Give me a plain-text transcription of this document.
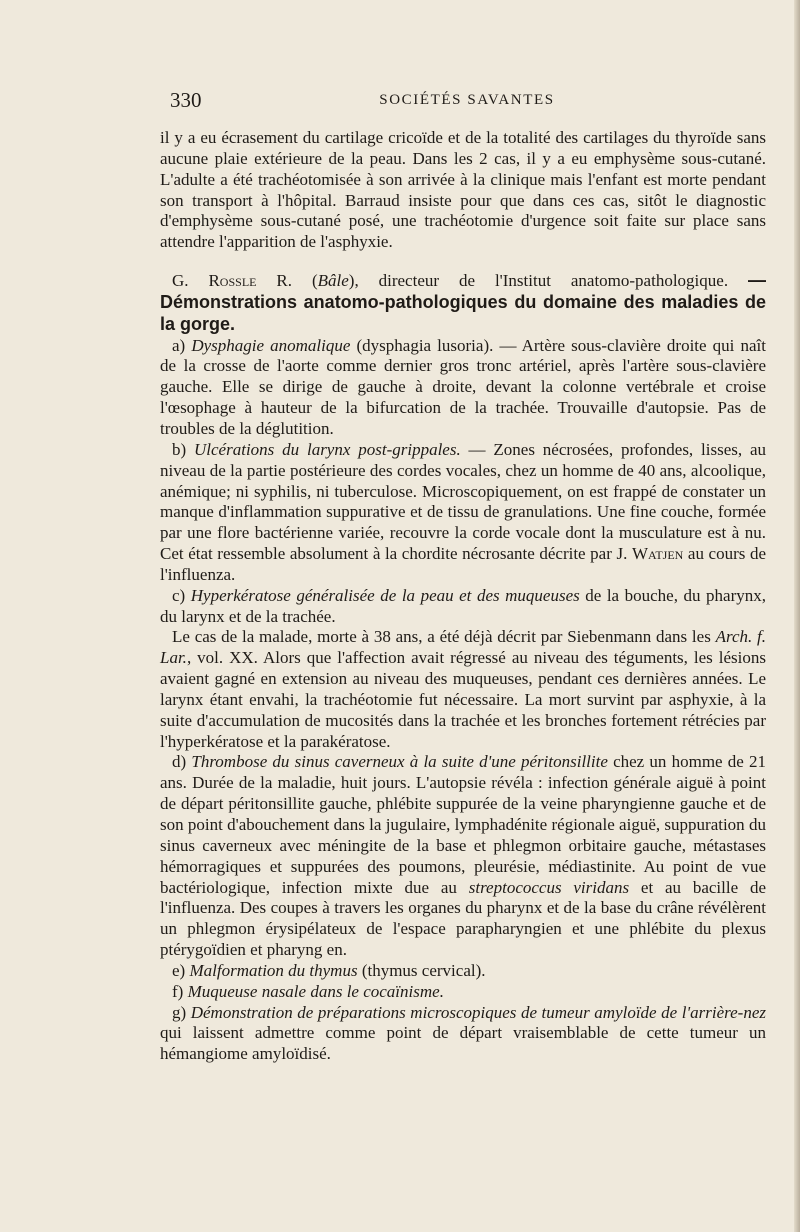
330	SOCIÉTÉS SAVANTES

il y a eu écrasement du cartilage cricoïde et de la totalité des cartilages du thyroïde sans aucune plaie extérieure de la peau. Dans les 2 cas, il y a eu emphysème sous-cutané. L'adulte a été trachéotomisée à son arrivée à la clinique mais l'enfant est morte pendant son transport à l'hôpital. Barraud insiste pour que dans ces cas, sitôt le diagnostic d'emphysème sous-cutané posé, une trachéotomie d'urgence soit faite sur place sans attendre l'apparition de l'asphyxie.

G. Rossle R. (Bâle), directeur de l'Institut anatomo-pathologique. — Démonstrations anatomo-pathologiques du domaine des maladies de la gorge.

a) Dysphagie anomalique (dysphagia lusoria). — Artère sous-clavière droite qui naît de la crosse de l'aorte comme dernier gros tronc artériel, après l'artère sous-clavière gauche. Elle se dirige de gauche à droite, devant la colonne vertébrale et croise l'œsophage à hauteur de la bifurcation de la trachée. Trouvaille d'autopsie. Pas de troubles de la déglutition.

b) Ulcérations du larynx post-grippales. — Zones nécrosées, profondes, lisses, au niveau de la partie postérieure des cordes vocales, chez un homme de 40 ans, alcoolique, anémique; ni syphilis, ni tuberculose. Microscopiquement, on est frappé de constater un manque d'inflammation suppurative et de tissu de granulations. Une fine couche, formée par une flore bactérienne variée, recouvre la corde vocale dont la musculature est à nu. Cet état ressemble absolument à la chordite nécrosante décrite par J. Watjen au cours de l'influenza.

c) Hyperkératose généralisée de la peau et des muqueuses de la bouche, du pharynx, du larynx et de la trachée.

Le cas de la malade, morte à 38 ans, a été déjà décrit par Siebenmann dans les Arch. f. Lar., vol. XX. Alors que l'affection avait régressé au niveau des téguments, les lésions avaient gagné en extension au niveau des muqueuses, pendant ces dernières années. Le larynx étant envahi, la trachéotomie fut nécessaire. La mort survint par asphyxie, à la suite d'accumulation de mucosités dans la trachée et les bronches fortement rétrécies par l'hyperkératose et la parakératose.

d) Thrombose du sinus caverneux à la suite d'une péritonsillite chez un homme de 21 ans. Durée de la maladie, huit jours. L'autopsie révéla : infection générale aiguë à point de départ péritonsillite gauche, phlébite suppurée de la veine pharyngienne gauche et de son point d'abouchement dans la jugulaire, lymphadénite régionale aiguë, suppuration du sinus caverneux avec méningite de la base et phlegmon orbitaire gauche, métastases hémorragiques et suppurées des poumons, pleurésie, médiastinite. Au point de vue bactériologique, infection mixte due au streptococcus viridans et au bacille de l'influenza. Des coupes à travers les organes du pharynx et de la base du crâne révélèrent un phlegmon érysipélateux de l'espace parapharyngien et une phlébite du plexus ptérygoïdien et pharyng en.

e) Malformation du thymus (thymus cervical).

f) Muqueuse nasale dans le cocaïnisme.

g) Démonstration de préparations microscopiques de tumeur amyloïde de l'arrière-nez qui laissent admettre comme point de départ vraisemblable de cette tumeur un hémangiome amyloïdisé.
